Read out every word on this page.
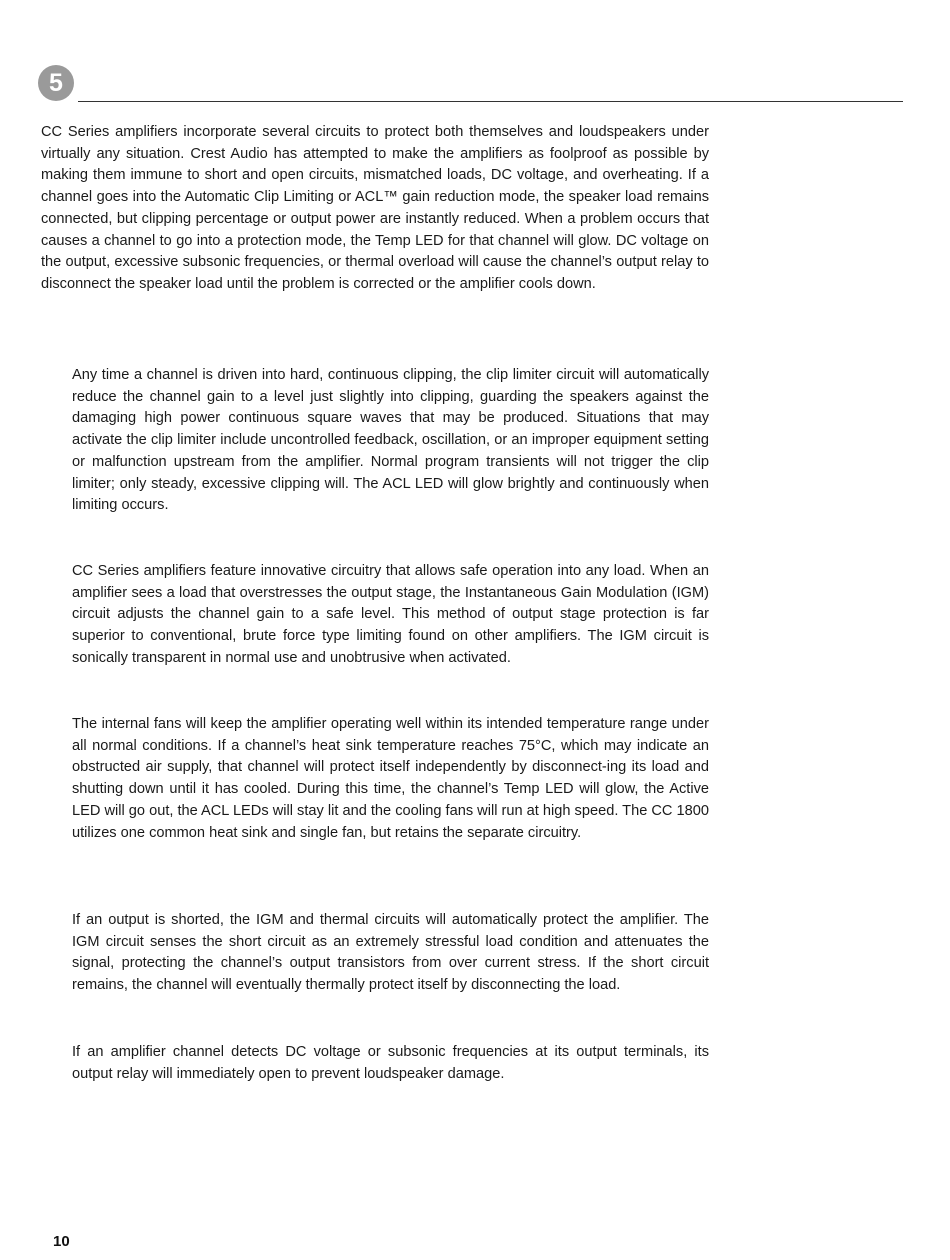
5

CC Series amplifiers incorporate several circuits to protect both themselves and loudspeakers under virtually any situation. Crest Audio has attempted to make the amplifiers as foolproof as possible by making them immune to short and open circuits, mismatched loads, DC voltage, and overheating. If a channel goes into the Automatic Clip Limiting or ACL™ gain reduction mode, the speaker load remains connected, but clipping percentage or output power are instantly reduced. When a problem occurs that causes a channel to go into a protection mode, the Temp LED for that channel will glow. DC voltage on the output, excessive subsonic frequencies, or thermal overload will cause the channel’s output relay to disconnect the speaker load until the problem is corrected or the amplifier cools down.

Any time a channel is driven into hard, continuous clipping, the clip limiter circuit will automatically reduce the channel gain to a level just slightly into clipping, guarding the speakers against the damaging high power continuous square waves that may be produced. Situations that may activate the clip limiter include uncontrolled feedback, oscillation, or an improper equipment setting or malfunction upstream from the amplifier. Normal program transients will not trigger the clip limiter; only steady, excessive clipping will. The ACL LED will glow brightly and continuously when limiting occurs.

CC Series amplifiers feature innovative circuitry that allows safe operation into any load. When an amplifier sees a load that overstresses the output stage, the Instantaneous Gain Modulation (IGM) circuit adjusts the channel gain to a safe level. This method of output stage protection is far superior to conventional, brute force type limiting found on other amplifiers. The IGM circuit is sonically transparent in normal use and unobtrusive when activated.

The internal fans will keep the amplifier operating well within its intended temperature range under all normal conditions. If a channel’s heat sink temperature reaches 75°C, which may indicate an obstructed air supply, that channel will protect itself independently by disconnect-ing its load and shutting down until it has cooled. During this time, the channel’s Temp LED will glow, the Active LED will go out, the ACL LEDs will stay lit and the cooling fans will run at high speed. The CC 1800 utilizes one common heat sink and single fan, but retains the separate circuitry.

If an output is shorted, the IGM and thermal circuits will automatically protect the amplifier. The IGM circuit senses the short circuit as an extremely stressful load condition and attenuates the signal, protecting the channel’s output transistors from over current stress. If the short circuit remains, the channel will eventually thermally protect itself by disconnecting the load.

If an amplifier channel detects DC voltage or subsonic frequencies at its output terminals, its output relay will immediately open to prevent loudspeaker damage.

10
